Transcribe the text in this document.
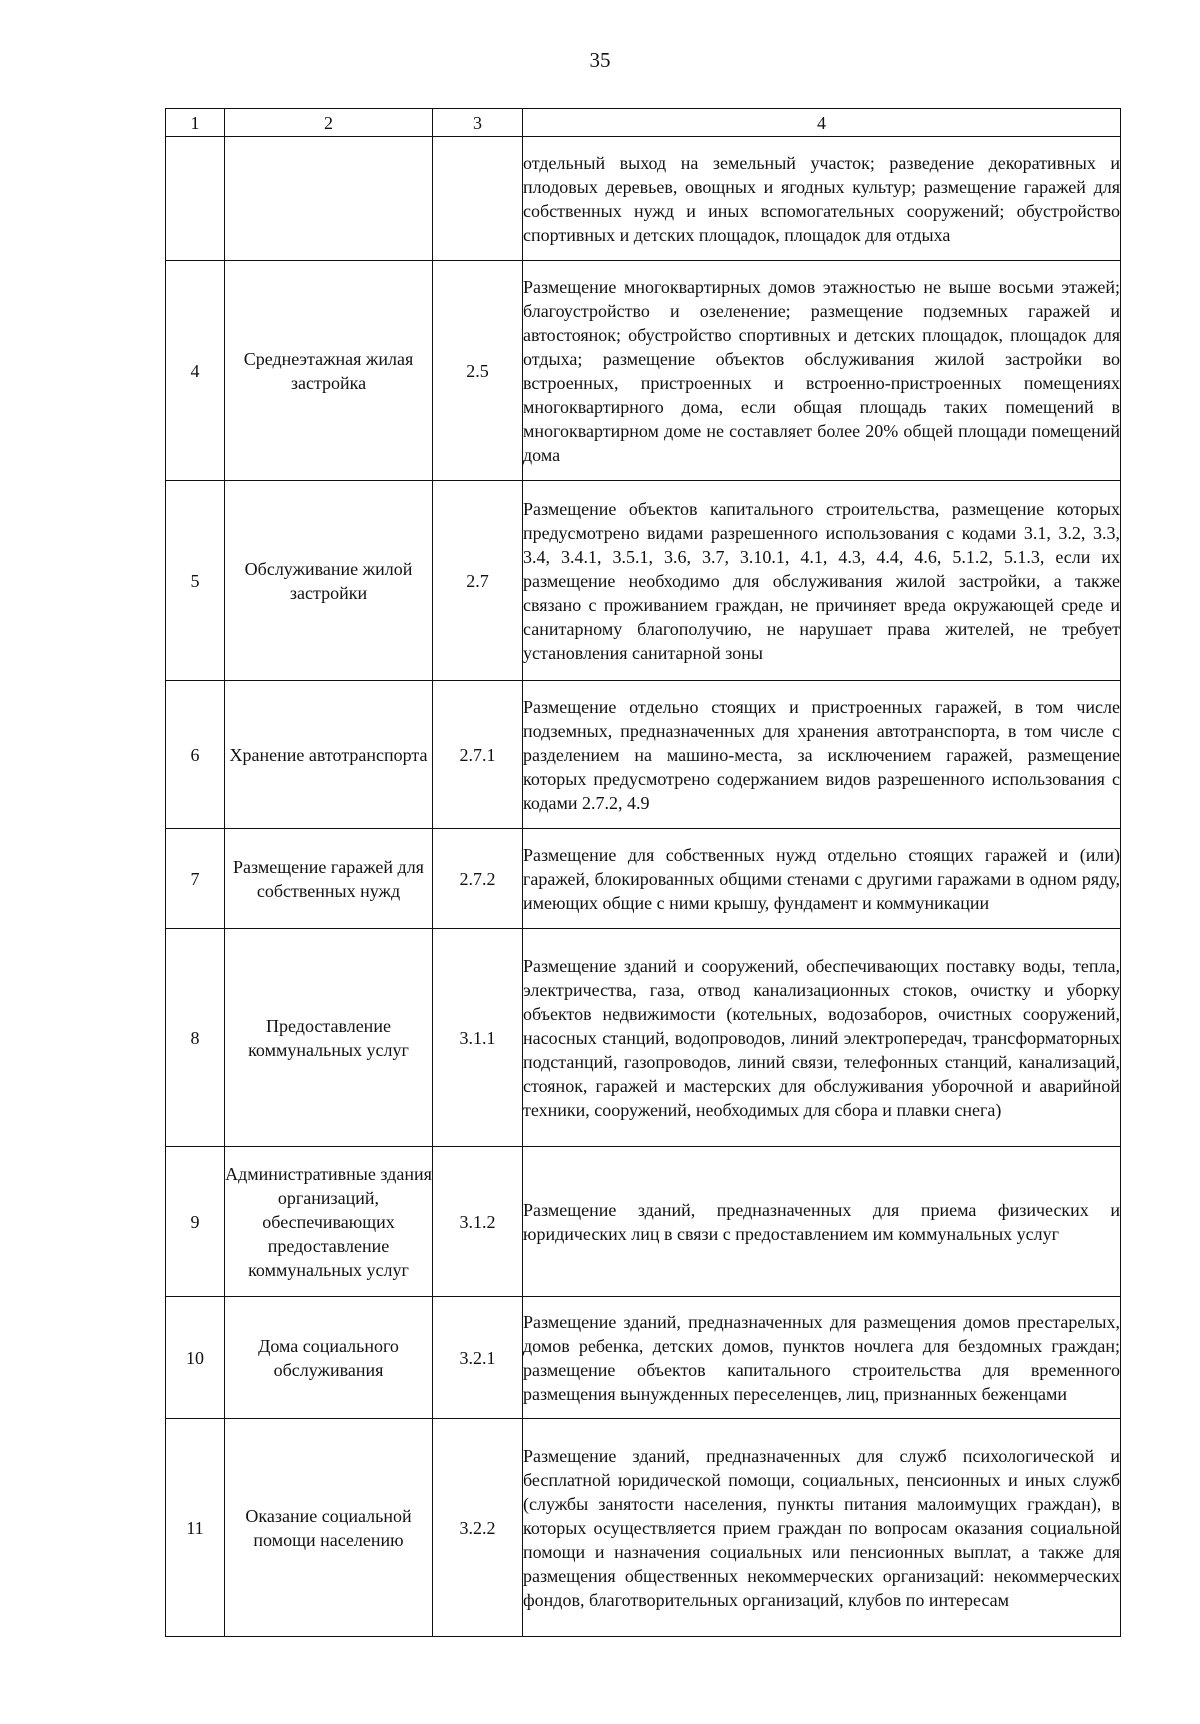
35
1	2	3	4

			отдельный выход на земельный участок; разведение декоративных и плодовых деревьев, овощных и ягодных культур; размещение гаражей для собственных нужд и иных вспомогательных сооружений; обустройство спортивных и детских площадок, площадок для отдыха

4	Среднеэтажная жилая застройка	2.5	Размещение многоквартирных домов этажностью не выше восьми этажей; благоустройство и озеленение; размещение подземных гаражей и автостоянок; обустройство спортивных и детских площадок, площадок для отдыха; размещение объектов обслуживания жилой застройки во встроенных, пристроенных и встроенно-пристроенных помещениях многоквартирного дома, если общая площадь таких помещений в многоквартирном доме не составляет более 20% общей площади помещений дома

5	Обслуживание жилой застройки	2.7	Размещение объектов капитального строительства, размещение которых предусмотрено видами разрешенного использования с кодами 3.1, 3.2, 3.3, 3.4, 3.4.1, 3.5.1, 3.6, 3.7, 3.10.1, 4.1, 4.3, 4.4, 4.6, 5.1.2, 5.1.3, если их размещение необходимо для обслуживания жилой застройки, а также связано с проживанием граждан, не причиняет вреда окружающей среде и санитарному благополучию, не нарушает права жителей, не требует установления санитарной зоны

6	Хранение автотранспорта	2.7.1	Размещение отдельно стоящих и пристроенных гаражей, в том числе подземных, предназначенных для хранения автотранспорта, в том числе с разделением на машино-места, за исключением гаражей, размещение которых предусмотрено содержанием видов разрешенного использования с кодами 2.7.2, 4.9

7	Размещение гаражей для собственных нужд	2.7.2	Размещение для собственных нужд отдельно стоящих гаражей и (или) гаражей, блокированных общими стенами с другими гаражами в одном ряду, имеющих общие с ними крышу, фундамент и коммуникации

8	Предоставление коммунальных услуг	3.1.1	Размещение зданий и сооружений, обеспечивающих поставку воды, тепла, электричества, газа, отвод канализационных стоков, очистку и уборку объектов недвижимости (котельных, водозаборов, очистных сооружений, насосных станций, водопроводов, линий электропередач, трансформаторных подстанций, газопроводов, линий связи, телефонных станций, канализаций, стоянок, гаражей и мастерских для обслуживания уборочной и аварийной техники, сооружений, необходимых для сбора и плавки снега)

9	Административные здания организаций, обеспечивающих предоставление коммунальных услуг	3.1.2	Размещение зданий, предназначенных для приема физических и юридических лиц в связи с предоставлением им коммунальных услуг

10	Дома социального обслуживания	3.2.1	Размещение зданий, предназначенных для размещения домов престарелых, домов ребенка, детских домов, пунктов ночлега для бездомных граждан; размещение объектов капитального строительства для временного размещения вынужденных переселенцев, лиц, признанных беженцами

11	Оказание социальной помощи населению	3.2.2	Размещение зданий, предназначенных для служб психологической и бесплатной юридической помощи, социальных, пенсионных и иных служб (службы занятости населения, пункты питания малоимущих граждан), в которых осуществляется прием граждан по вопросам оказания социальной помощи и назначения социальных или пенсионных выплат, а также для размещения общественных некоммерческих организаций: некоммерческих фондов, благотворительных организаций, клубов по интересам
